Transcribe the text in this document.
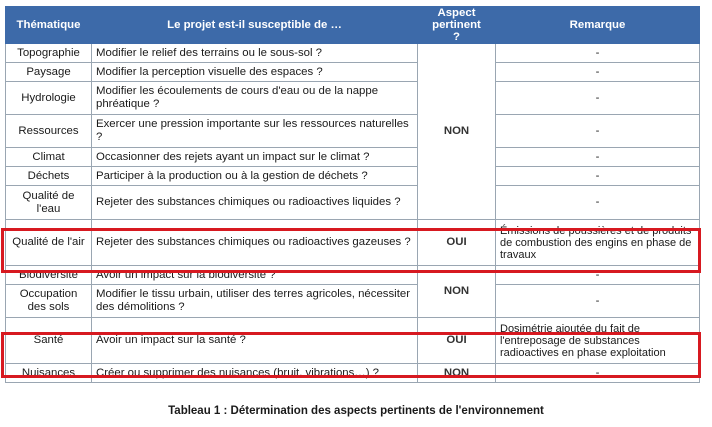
Thématique	Le projet est-il susceptible de …	Aspect pertinent ?	Remarque
Topographie	Modifier le relief des terrains ou le sous-sol ?	NON	-
Paysage	Modifier la perception visuelle des espaces ?		-
Hydrologie	Modifier les écoulements de cours d'eau ou de la nappe phréatique ?		-
Ressources	Exercer une pression importante sur les ressources naturelles ?		-
Climat	Occasionner des rejets ayant un impact sur le climat ?		-
Déchets	Participer à la production ou à la gestion de déchets ?		-
Qualité de l'eau	Rejeter des substances chimiques ou radioactives liquides ?		-
Qualité de l'air	Rejeter des substances chimiques ou radioactives gazeuses ?	OUI	Émissions de poussières et de produits de combustion des engins en phase de travaux
Biodiversité	Avoir un impact sur la biodiversité ?	NON	-
Occupation des sols	Modifier le tissu urbain, utiliser des terres agricoles, nécessiter des démolitions ?		-
Santé	Avoir un impact sur la santé ?	OUI	Dosimétrie ajoutée du fait de l'entreposage de substances radioactives en phase exploitation
Nuisances	Créer ou supprimer des nuisances (bruit, vibrations…) ?	NON	-
Tableau 1 : Détermination des aspects pertinents de l'environnement
